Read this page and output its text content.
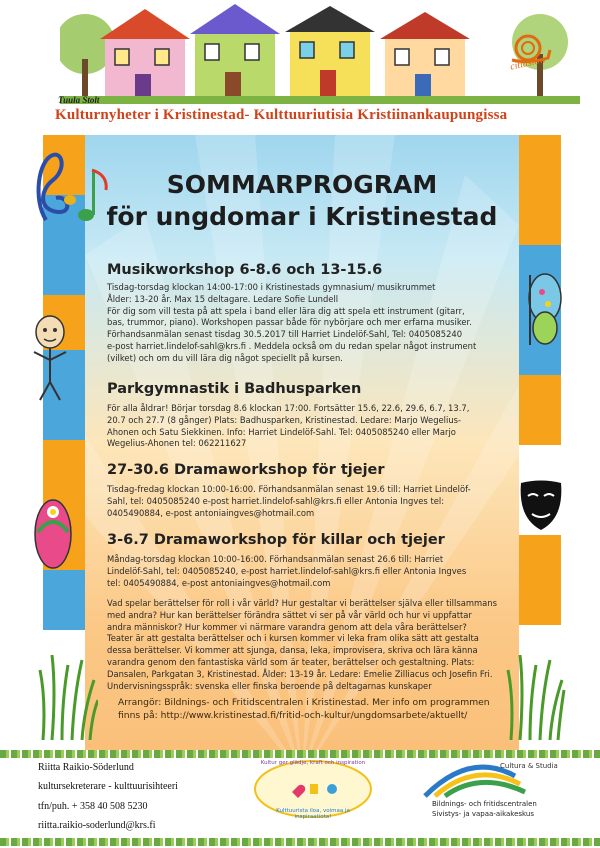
cittaslow
Tuula Stolt
Kulturnyheter i Kristinestad- Kulttuuriutisia Kristiinankaupungissa
SOMMARPROGRAM
för ungdomar i Kristinestad
Musikworkshop 6-8.6 och 13-15.6
Tisdag-torsdag klockan 14:00-17:00 i Kristinestads gymnasium/ musikrummet
Ålder: 13-20 år. Max 15 deltagare. Ledare Sofie Lundell
För dig som vill testa på att spela i band eller lära dig att spela ett instrument (gitarr,
bas, trummor, piano). Workshopen passar både för nybörjare och mer erfarna musiker.
Förhandsanmälan senast tisdag 30.5.2017 till Harriet Lindelöf-Sahl, Tel: 0405085240
e-post harriet.lindelof-sahl@krs.fi . Meddela också om du redan spelar något instrument
(vilket) och om du vill lära dig något speciellt på kursen.
Parkgymnastik i Badhusparken
För alla åldrar! Börjar torsdag 8.6 klockan 17:00. Fortsätter 15.6, 22.6, 29.6, 6.7, 13.7,
20.7 och 27.7 (8 gånger) Plats: Badhusparken, Kristinestad. Ledare: Marjo Wegelius-
Ahonen och Satu Siekkinen. Info: Harriet Lindelöf-Sahl. Tel: 0405085240 eller Marjo
Wegelius-Ahonen tel: 062211627
27-30.6 Dramaworkshop för tjejer
Tisdag-fredag klockan 10:00-16:00. Förhandsanmälan senast 19.6 till: Harriet Lindelöf-
Sahl, tel: 0405085240 e-post harriet.lindelof-sahl@krs.fi eller Antonia Ingves tel:
0405490884, e-post antoniaingves@hotmail.com
3-6.7 Dramaworkshop för killar och tjejer
Måndag-torsdag klockan 10:00-16:00. Förhandsanmälan senast 26.6 till: Harriet
Lindelöf-Sahl, tel: 0405085240, e-post harriet.lindelof-sahl@krs.fi eller Antonia Ingves
tel: 0405490884, e-post antoniaingves@hotmail.com
Vad spelar berättelser för roll i vår värld? Hur gestaltar vi berättelser själva eller tillsammans
med andra? Hur kan berättelser förändra sättet vi ser på vår värld och hur vi uppfattar
andra människor? Hur kommer vi närmare varandra genom att dela våra berättelser?
Teater är att gestalta berättelser och i kursen kommer vi leka fram olika sätt att gestalta
dessa berättelser. Vi kommer att sjunga, dansa, leka, improvisera, skriva och lära känna
varandra genom den fantastiska värld som är teater, berättelser och gestaltning. Plats:
Dansalen, Parkgatan 3, Kristinestad. Ålder: 13-19 år. Ledare: Emelie Zilliacus och Josefin Fri.
Undervisningsspråk: svenska eller finska beroende på deltagarnas kunskaper
Arrangör: Bildnings- och Fritidscentralen i Kristinestad. Mer info om programmen
finns på: http://www.kristinestad.fi/fritid-och-kultur/ungdomsarbete/aktuellt/
Riitta Raikio-Söderlund
kultursekreterare - kulttuurisihteeri
tfn/puh. + 358 40 508 5230
riitta.raikio-soderlund@krs.fi
Kultur ger glädje, kraft och inspiration
Kulttuurista iloa, voimaa ja inspiraatiota!
Cultura & Studia
Bildnings- och fritidscentralen
Sivistys- ja vapaa-aikakeskus
